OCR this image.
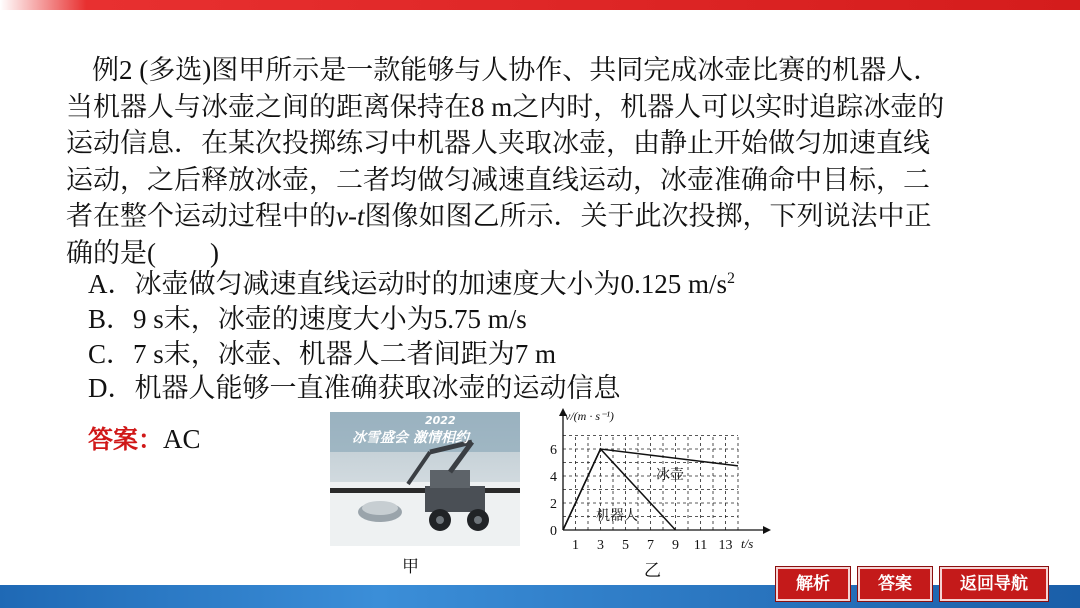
例2 (多选)图甲所示是一款能够与人协作、共同完成冰壶比赛的机器人．
当机器人与冰壶之间的距离保持在8 m之内时，机器人可以实时追踪冰壶的
运动信息．在某次投掷练习中机器人夹取冰壶，由静止开始做匀加速直线
运动，之后释放冰壶，二者均做匀减速直线运动，冰壶准确命中目标，二
者在整个运动过程中的v-t图像如图乙所示．关于此次投掷，下列说法中正
确的是(　　)
A．冰壶做匀减速直线运动时的加速度大小为0.125 $m/s^2$
B．9 s末，冰壶的速度大小为5.75 m/s
C．7 s末，冰壶、机器人二者间距为7 m
D．机器人能够一直准确获取冰壶的运动信息
答案：AC
2022
冰雪盛会 激情相约
甲
1 3 5 7 9 11 13
0
2
4
6
v/(m · s⁻¹)
t/s
冰壶
机器人
乙
解析	答案	返回导航
